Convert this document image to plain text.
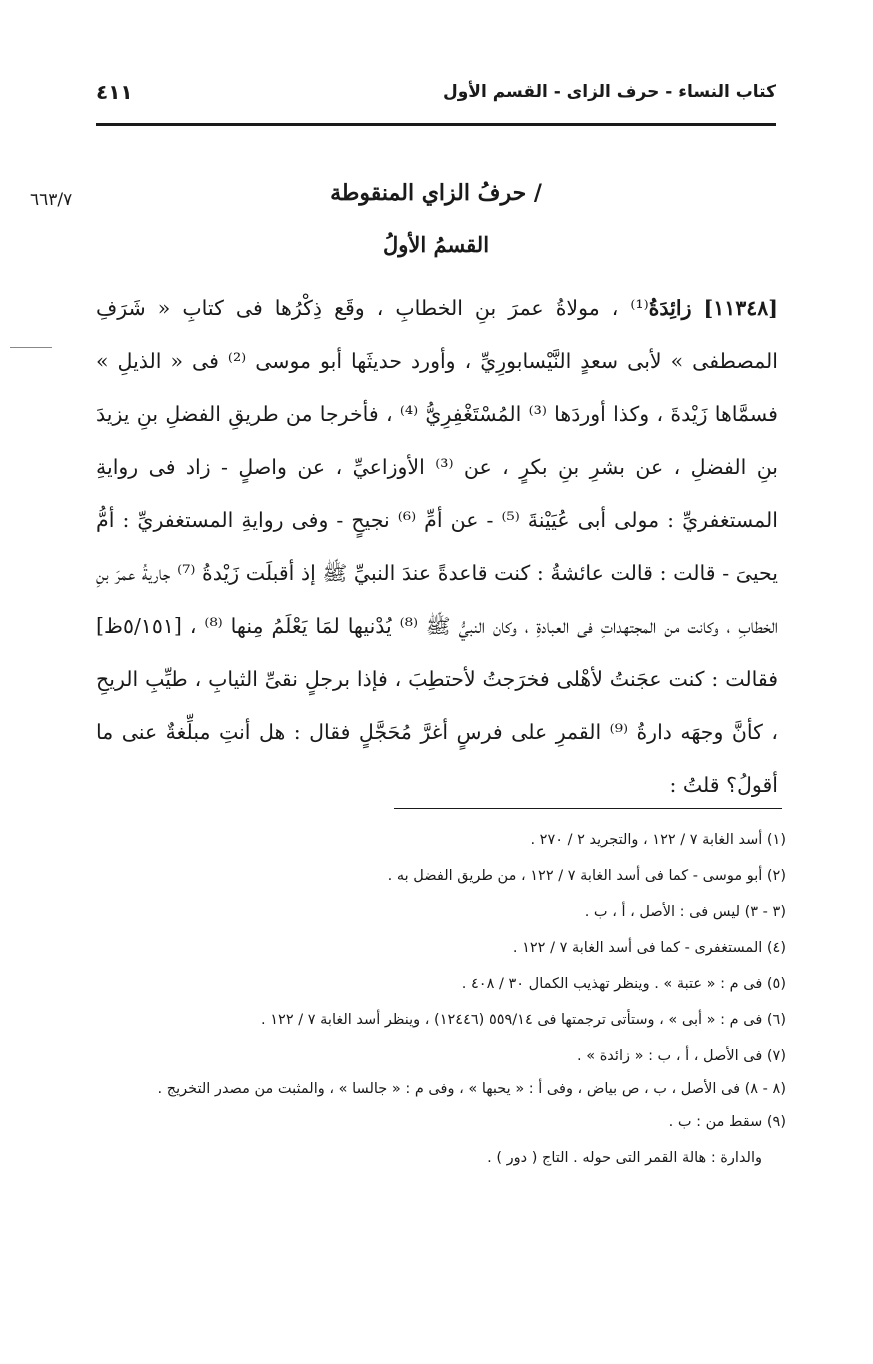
كتاب النساء - حرف الزاى - القسم الأول
٤١١
٦٦٣/٧	/ حرفُ الزاي المنقوطة
القسمُ الأولُ
[١١٣٤٨] زائِدَةُ⁽¹⁾ ، مولاةُ عمرَ بنِ الخطابِ ، وقَع ذِكْرُها فى كتابِ « شَرَفِ المصطفى » لأبى سعدٍ النَّيْسابورِيِّ ، وأورد حديثَها أبو موسى ⁽²⁾ فى « الذيلِ » فسمَّاها زَيْدةَ ، وكذا أوردَها ⁽³⁾ المُسْتَغْفِرِيُّ ⁽⁴⁾ ، فأخرجا من طريقِ الفضلِ بنِ يزيدَ بنِ الفضلِ ، عن بشرِ بنِ بكرٍ ، عن ⁽³⁾ الأوزاعيِّ ، عن واصلٍ - زاد فى روايةِ المستغفريِّ : مولى أبى عُيَيْنةَ ⁽⁵⁾ - عن أمِّ ⁽⁶⁾ نجيحٍ - وفى روايةِ المستغفريِّ : أمُّ يحيىَ - قالت : قالت عائشةُ : كنت قاعدةً عندَ النبيِّ ﷺ إذ أقبلَت زَيْدةُ ⁽⁷⁾ جاريةُ عمرَ بنِ الخطابِ ، وكانت من المجتهداتِ فى العبادةِ ، وكان النبيُّ ﷺ ⁽⁸⁾ يُدْنيها لمَا يَعْلَمُ مِنها ⁽⁸⁾ ، [٥/١٥١ظ] فقالت : كنت عجَنتُ لأهْلى فخرَجتُ لأحتطِبَ ، فإذا برجلٍ نقىِّ الثيابِ ، طيِّبِ الريحِ ، كأنَّ وجهَه دارةُ ⁽⁹⁾ القمرِ على فرسٍ أغرَّ مُحَجَّلٍ فقال : هل أنتِ مبلِّغةٌ عنى ما أقولُ؟ قلتُ :

(١) أسد الغابة ٧ / ١٢٢ ، والتجريد ٢ / ٢٧٠ .

(٢) أبو موسى - كما فى أسد الغابة ٧ / ١٢٢ ، من طريق الفضل به .

(٣ - ٣) ليس فى : الأصل ، أ ، ب .

(٤) المستغفرى - كما فى أسد الغابة ٧ / ١٢٢ .

(٥) فى م : « عتبة » . وينظر تهذيب الكمال ٣٠ / ٤٠٨ .

(٦) فى م : « أبى » ، وستأتى ترجمتها فى ٥٥٩/١٤ (١٢٤٤٦) ، وينظر أسد الغابة ٧ / ١٢٢ .

(٧) فى الأصل ، أ ، ب : « زائدة » .

(٨ - ٨) فى الأصل ، ب ، ص بياض ، وفى أ : « يحبها » ، وفى م : « جالسا » ، والمثبت من مصدر التخريج .

(٩) سقط من : ب .

والدارة : هالة القمر التى حوله . التاج ( دور ) .
